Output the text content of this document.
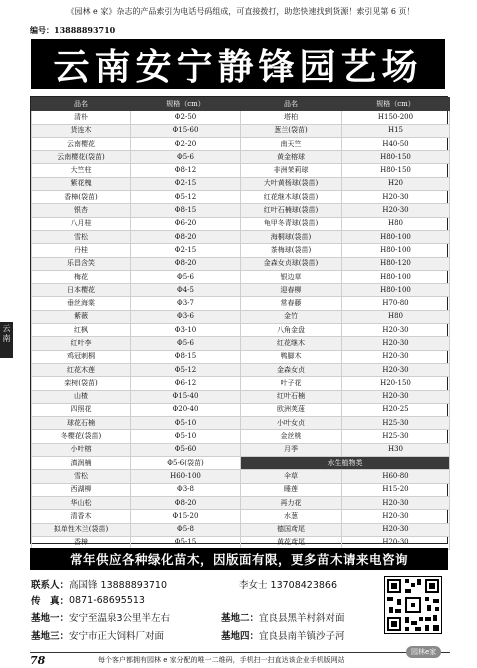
《园林 e 家》杂志的产品索引为电话号码组成，可直接拨打，助您快速找到货源！索引见第 6 页！
编号：13888893710
云南安宁静锋园艺场
云
南
品名	规格（cm）	品名	规格（cm）
清朴	Φ2-50	塔柏	H150-200
货连木	Φ15-60	葱兰(袋苗)	H15
云南樱花	Φ2-20	南天竺	H40-50
云南樱花(袋苗)	Φ5-6	黄金榕球	H80-150
大竺柱	Φ8-12	非洲茉莉球	H80-150
紫花槐	Φ2-15	大叶黄杨球(袋苗)	H20
香樟(袋苗)	Φ5-12	红花继木球(袋苗)	H20-30
银杏	Φ8-15	红叶石楠球(袋苗)	H20-30
八月桂	Φ6-20	龟甲冬青球(袋苗)	H80
雪松	Φ8-20	海桐球(袋苗)	H80-100
丹桂	Φ2-15	茶梅球(袋苗)	H80-100
乐昌含笑	Φ8-20	金森女贞球(袋苗)	H80-120
梅花	Φ5-6	银边草	H80-100
日本樱花	Φ4-5	迎春柳	H80-100
垂丝海棠	Φ3-7	常春藤	H70-80
紫薇	Φ3-6	金竹	H80
红枫	Φ3-10	八角金盘	H20-30
红叶李	Φ5-6	红花继木	H20-30
鸡冠刺桐	Φ8-15	鸭脚木	H20-30
红花木莲	Φ5-12	金森女贞	H20-30
栾树(袋苗)	Φ6-12	叶子花	H20-150
山楂	Φ15-40	红叶石楠	H20-30
四照花	Φ20-40	欧洲荚蒾	H20-25
球花石楠	Φ5-10	小叶女贞	H25-30
冬樱花(袋苗)	Φ5-10	金丝桃	H25-30
小叶榕	Φ5-60	月季	H30
滇润楠	Φ5-6(袋苗)	水生植物类	
雪松	H60-100	伞草	H60-80
西湖柳	Φ3-8	睡莲	H15-20
华山松	Φ8-20	再力花	H20-30
清香木	Φ15-20	水葱	H20-30
拟单性木兰(袋苗)	Φ5-8	德国鸢尾	H20-30
香樟	Φ5-15	黄花鸢尾	H20-30
常年供应各种绿化苗木，因版面有限，更多苗木请来电咨询
联系人： 高国锋 13888893710	李女士 13708423866
传　真： 0871-68695513
基地一： 安宁至温泉3公里半左右	基地二： 宜良县黑羊村斜对面
基地三： 安宁市正大饲料厂对面	基地四： 宜良县南羊镇沙子河
78	每个客户都拥有园林 e 家分配的唯一二维码，手机扫一扫直达该企业手机版网站
园林e家
